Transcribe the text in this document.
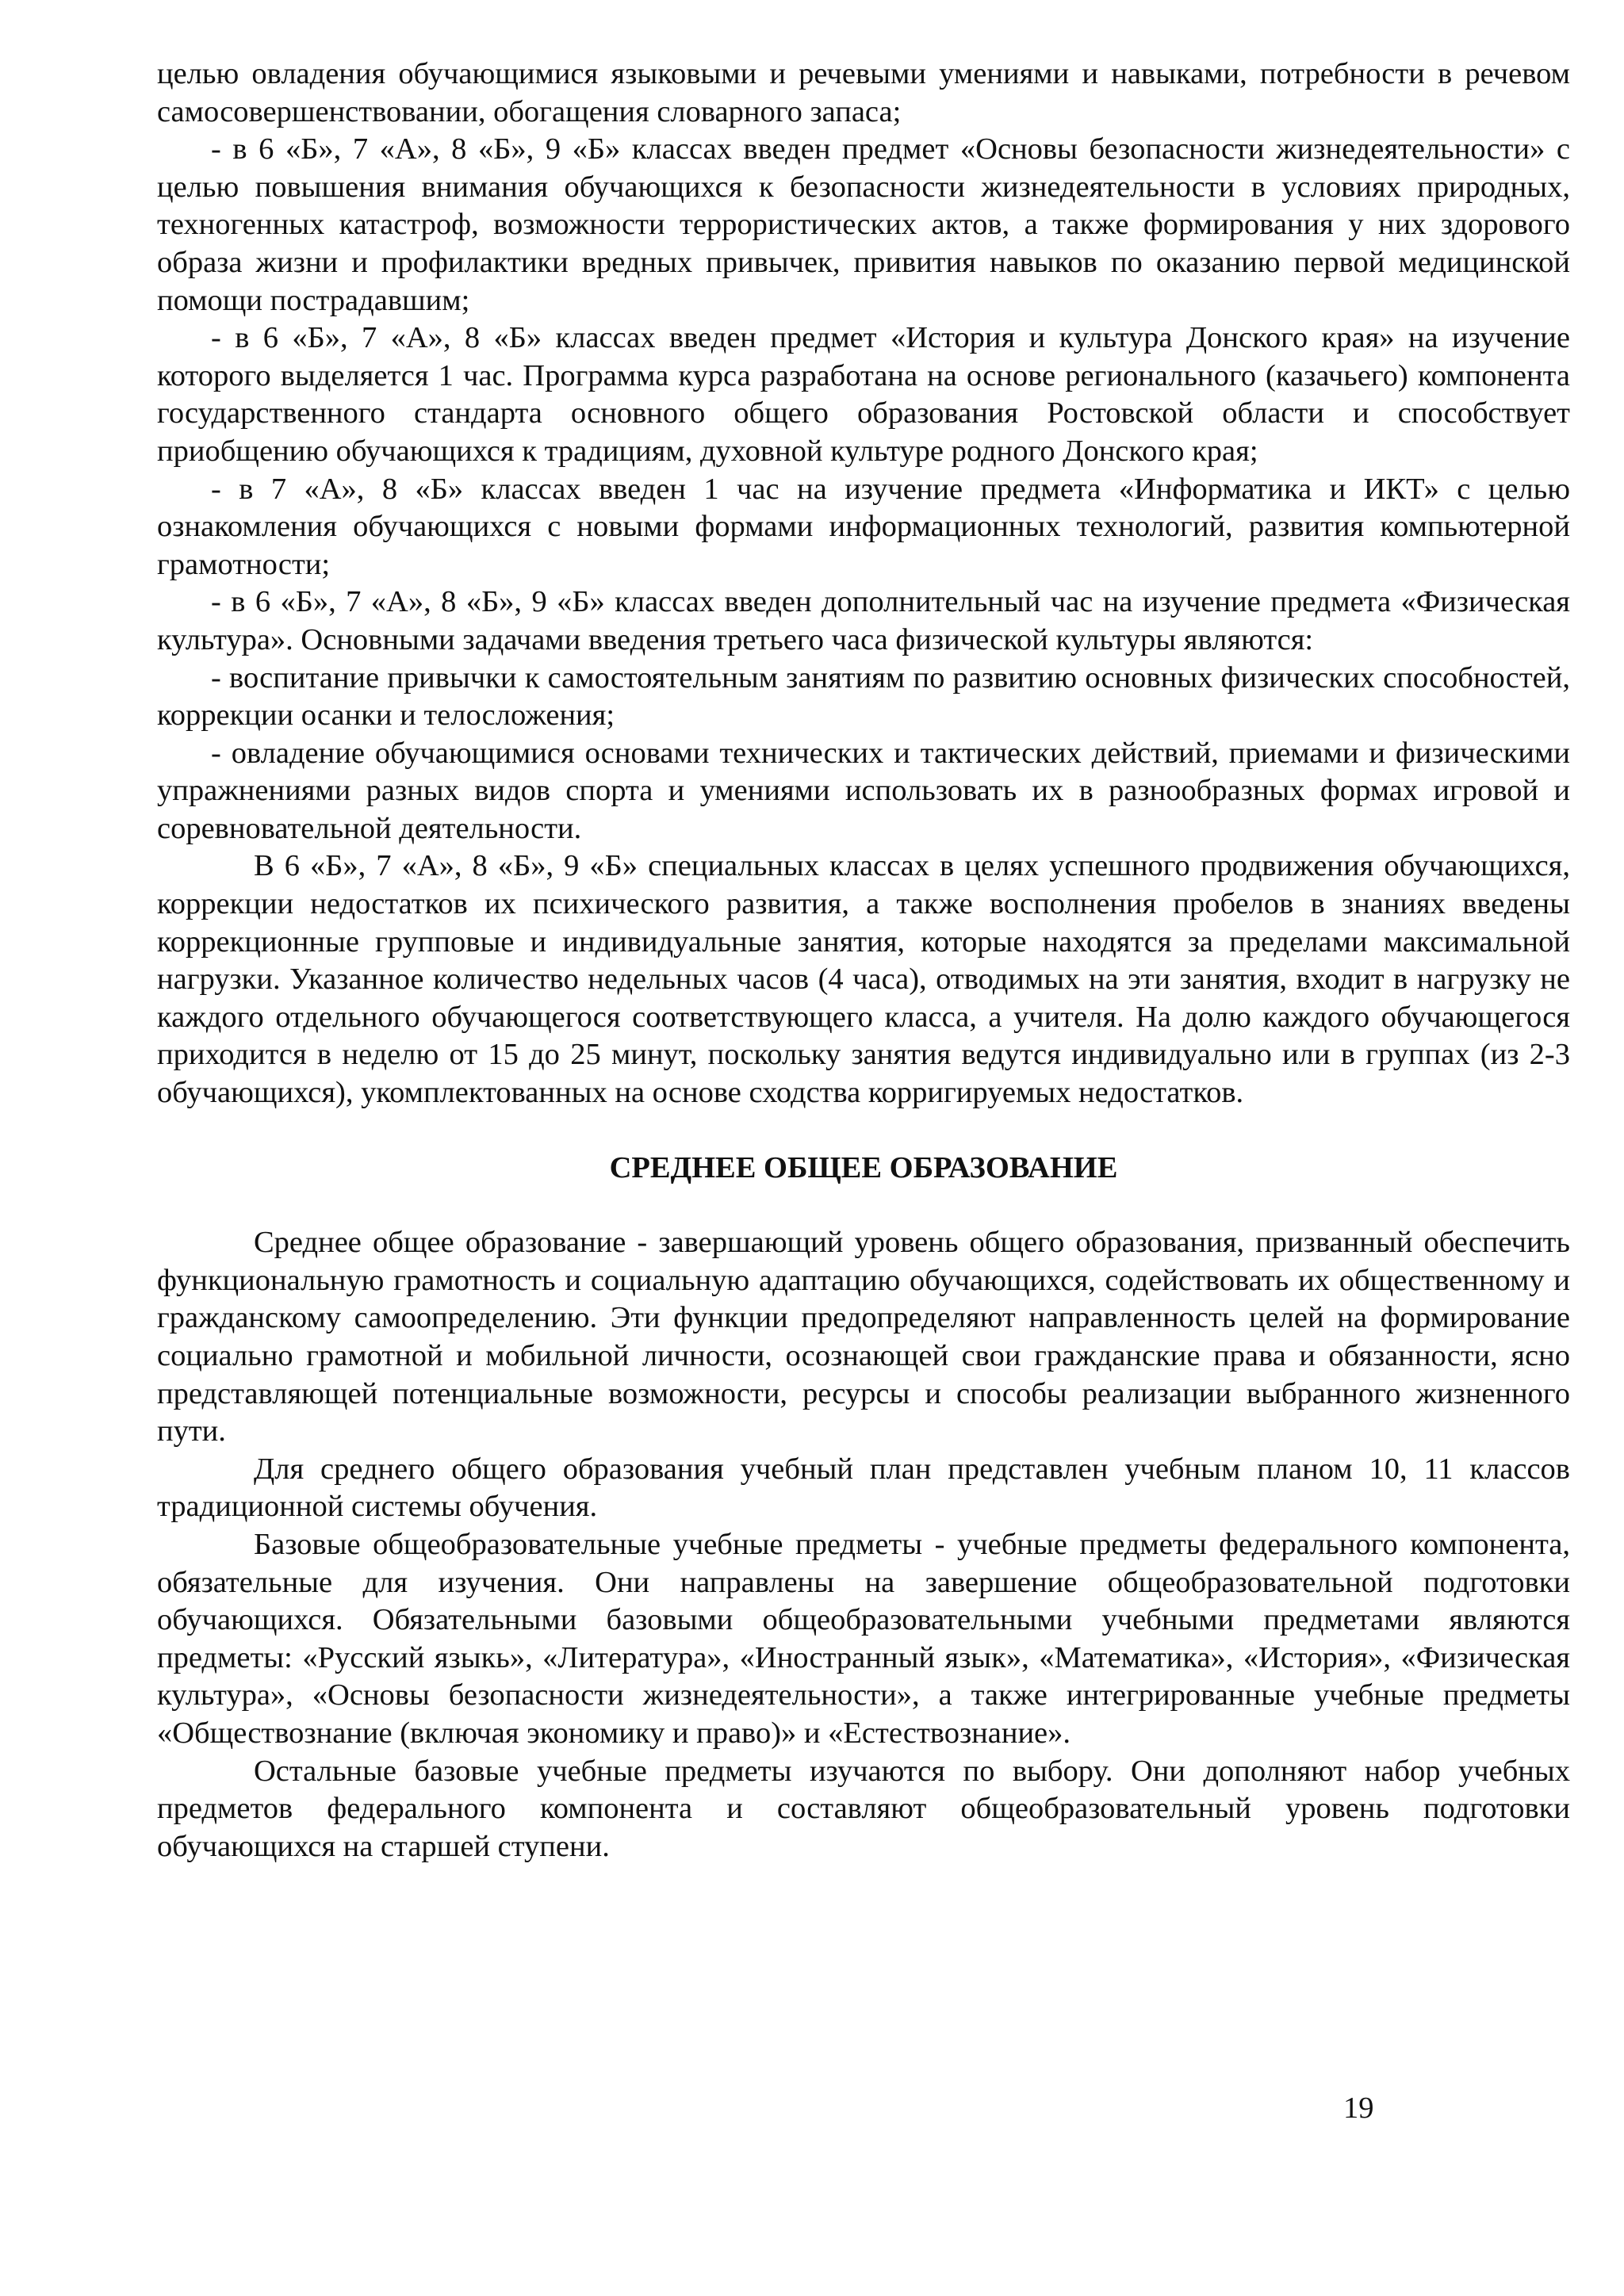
целью овладения обучающимися языковыми и речевыми умениями и навыками, потребности в речевом самосовершенствовании, обогащения словарного запаса;

- в 6 «Б», 7 «А», 8 «Б», 9 «Б» классах введен предмет «Основы безопасности жизнедеятельности» с целью повышения внимания обучающихся к безопасности жизнедеятельности в условиях природных, техногенных катастроф, возможности террористических актов, а также формирования у них здорового образа жизни и профилактики вредных привычек, привития навыков по оказанию первой медицинской помощи пострадавшим;

- в 6 «Б», 7 «А», 8 «Б» классах введен предмет «История и культура Донского края» на изучение которого выделяется 1 час. Программа курса разработана на основе регионального (казачьего) компонента государственного стандарта основного общего образования Ростовской области и способствует приобщению обучающихся к традициям, духовной культуре родного Донского края;

- в 7 «А», 8 «Б» классах введен 1 час на изучение предмета «Информатика и ИКТ» с целью ознакомления обучающихся с новыми формами информационных технологий, развития компьютерной грамотности;

- в 6 «Б», 7 «А», 8 «Б», 9 «Б» классах введен дополнительный час на изучение предмета «Физическая культура». Основными задачами введения третьего часа физической культуры являются:

- воспитание привычки к самостоятельным занятиям по развитию основных физических способностей, коррекции осанки и телосложения;

- овладение обучающимися основами технических и тактических действий, приемами и физическими упражнениями разных видов спорта и умениями использовать их в разнообразных формах игровой и соревновательной деятельности.

В 6 «Б», 7 «А», 8 «Б», 9 «Б» специальных классах в целях успешного продвижения обучающихся, коррекции недостатков их психического развития, а также восполнения пробелов в знаниях введены коррекционные групповые и индивидуальные занятия, которые находятся за пределами максимальной нагрузки. Указанное количество недельных часов (4 часа), отводимых на эти занятия, входит в нагрузку не каждого отдельного обучающегося соответствующего класса, а учителя. На долю каждого обучающегося приходится в неделю от 15 до 25 минут, поскольку занятия ведутся индивидуально или в группах (из 2-3 обучающихся), укомплектованных на основе сходства корригируемых недостатков.

СРЕДНЕЕ ОБЩЕЕ ОБРАЗОВАНИЕ

Среднее общее образование - завершающий уровень общего образования, призванный обеспечить функциональную грамотность и социальную адаптацию обучающихся, содействовать их общественному и гражданскому самоопределению. Эти функции предопределяют направленность целей на формирование социально грамотной и мобильной личности, осознающей свои гражданские права и обязанности, ясно представляющей потенциальные возможности, ресурсы и способы реализации выбранного жизненного пути.

Для среднего общего образования учебный план представлен учебным планом 10, 11 классов традиционной системы обучения.

Базовые общеобразовательные учебные предметы - учебные предметы федерального компонента, обязательные для изучения. Они направлены на завершение общеобразовательной подготовки обучающихся. Обязательными базовыми общеобразовательными учебными предметами являются предметы: «Русский языкь», «Литература», «Иностранный язык», «Математика», «История», «Физическая культура», «Основы безопасности жизнедеятельности», а также интегрированные учебные предметы «Обществознание (включая экономику и право)» и «Естествознание».

Остальные базовые учебные предметы изучаются по выбору. Они дополняют набор учебных предметов федерального компонента и составляют общеобразовательный уровень подготовки обучающихся на старшей ступени.

19
